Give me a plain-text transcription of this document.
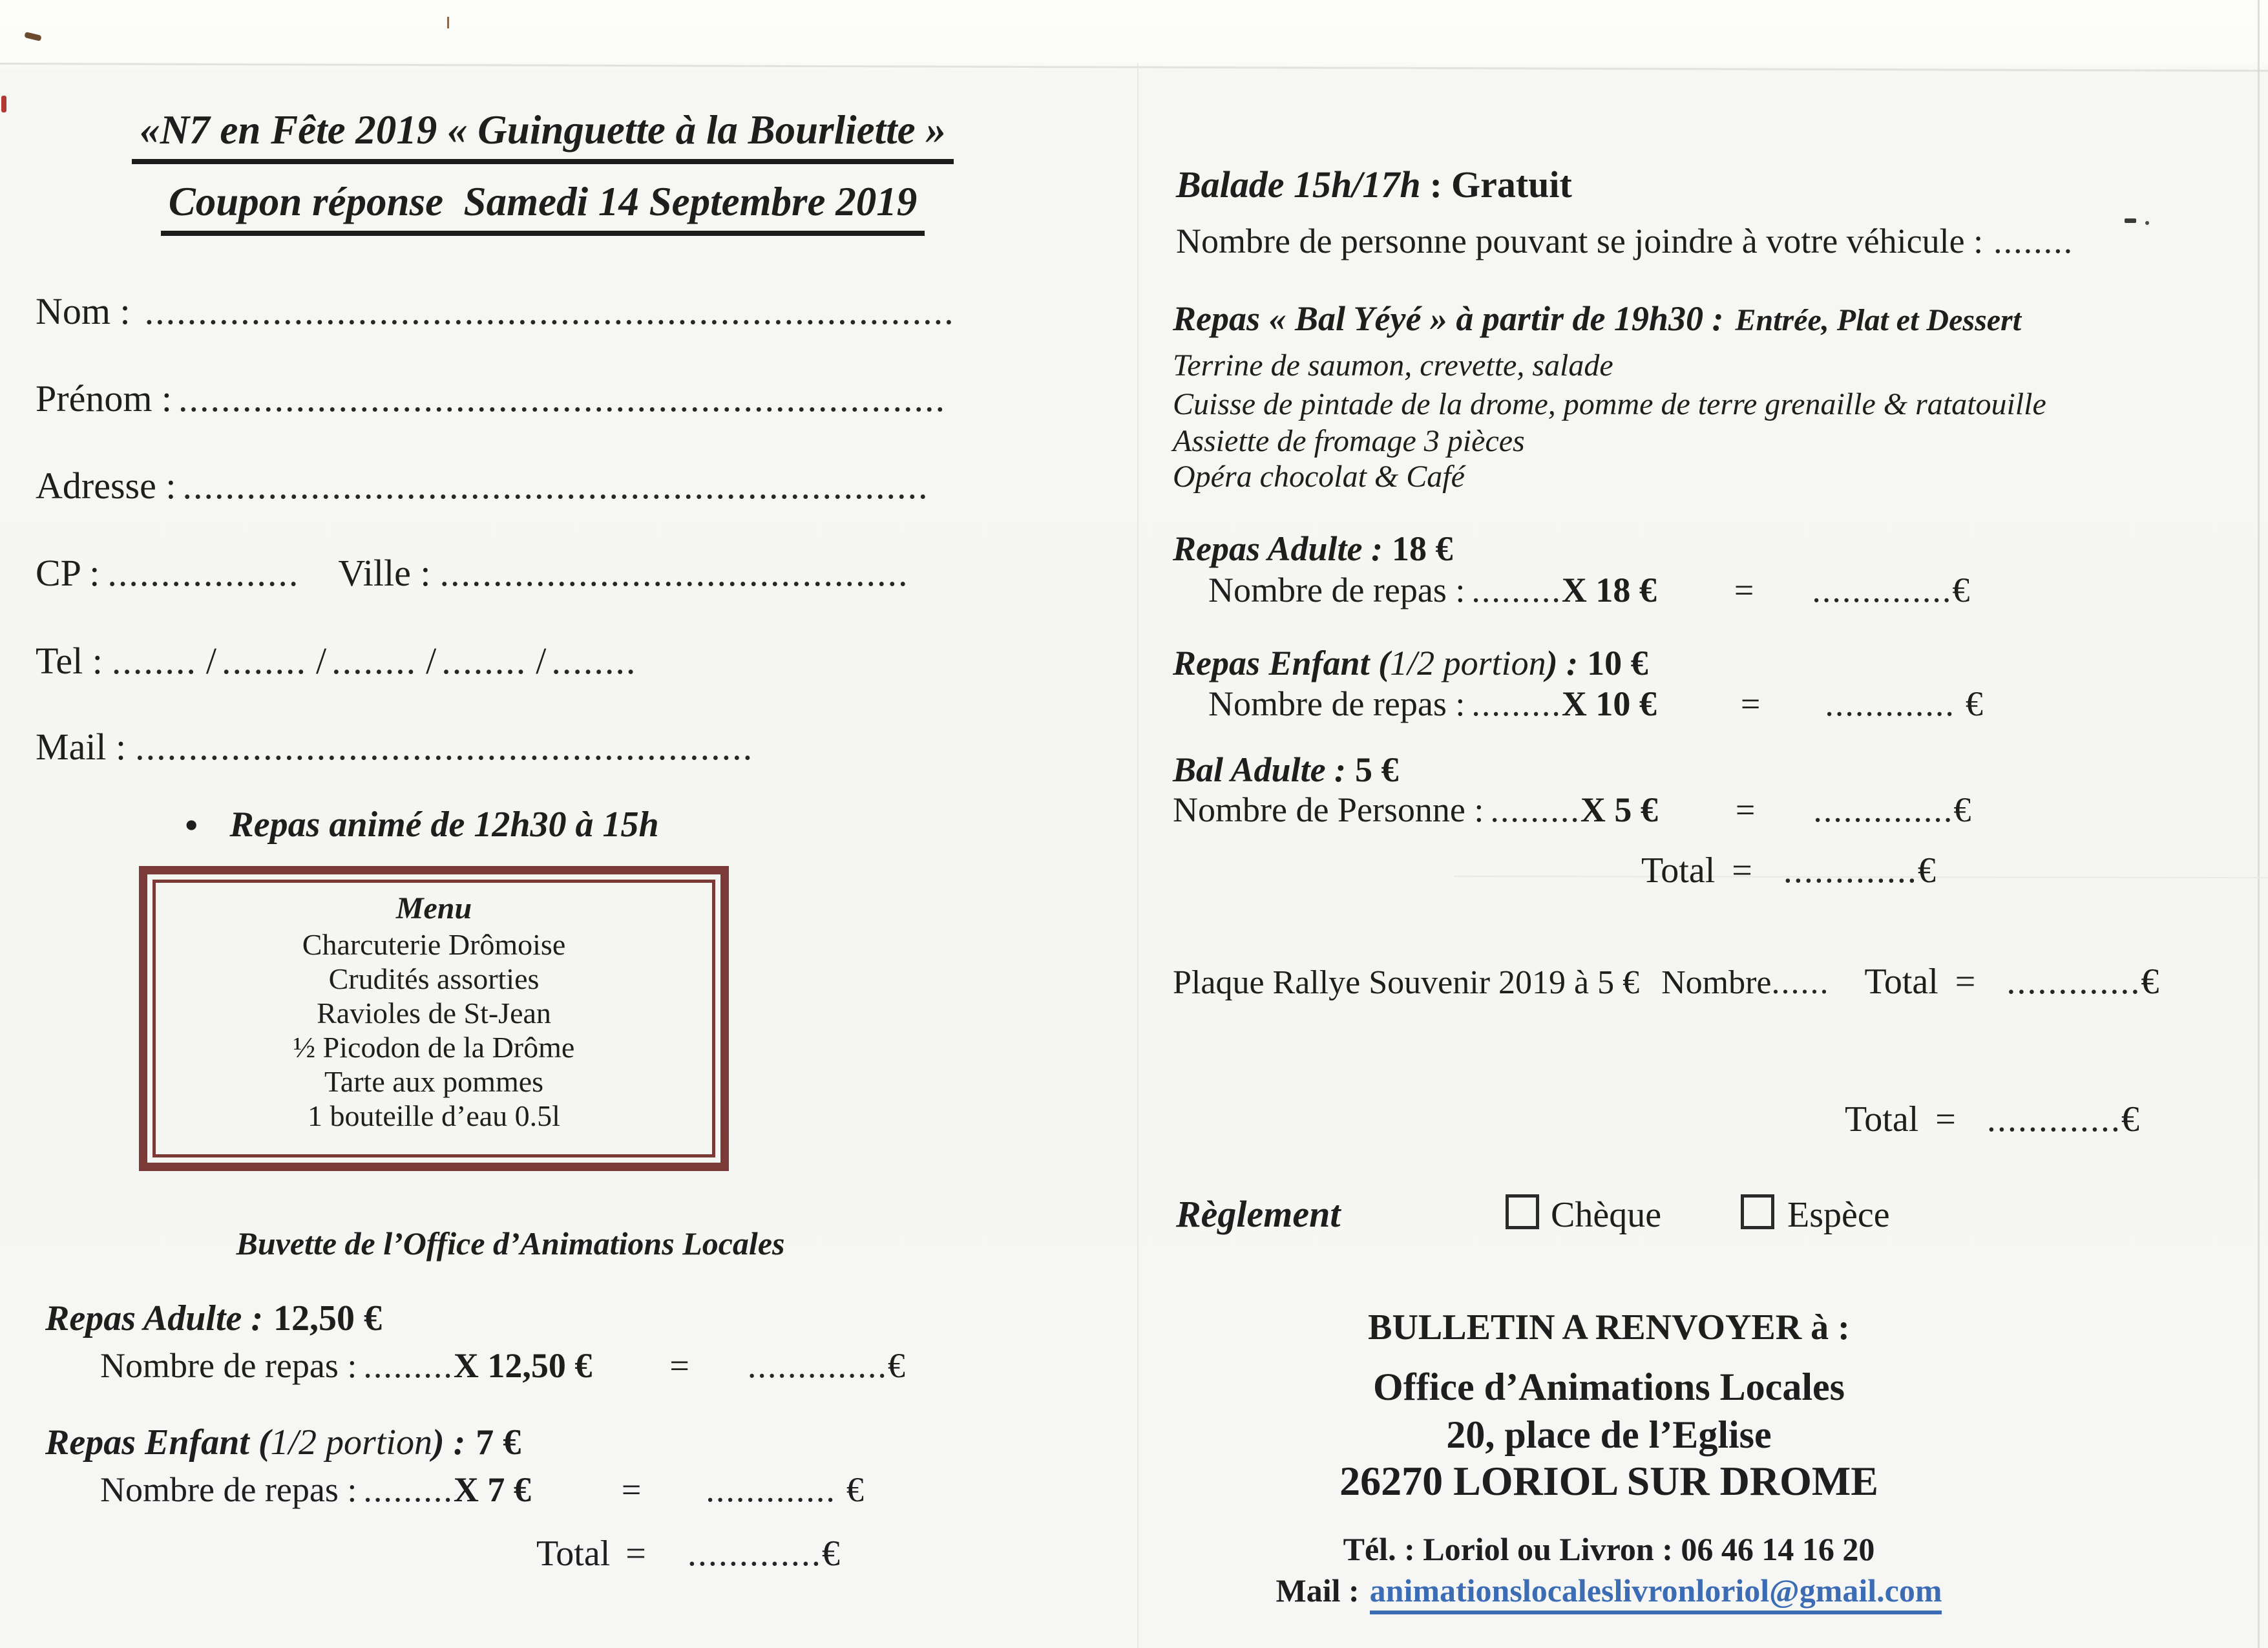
«N7 en Fête 2019 « Guinguette à la Bourliette »
Coupon réponse  Samedi 14 Septembre 2019
Nom : ............................................................................
Prénom : ........................................................................
Adresse : ......................................................................
CP : .................. Ville : ............................................
Tel : ........ / ........ / ........ / ........ / ........
Mail : ..........................................................
• Repas animé de 12h30 à 15h
Menu
Charcuterie Drômoise
Crudités assorties
Ravioles de St-Jean
½ Picodon de la Drôme
Tarte aux pommes
1 bouteille d’eau 0.5l
Buvette de l’Office d’Animations Locales
Repas Adulte : 12,50 €
Nombre de repas : .........X 12,50 € = ..............€
Repas Enfant (1/2 portion) : 7 €
Nombre de repas : .........X 7 €	= ............. €
Total = .............€
Balade 15h/17h : Gratuit
Nombre de personne pouvant se joindre à votre véhicule : ........
Repas « Bal Yéyé » à partir de 19h30 : Entrée, Plat et Dessert
Terrine de saumon, crevette, salade
Cuisse de pintade de la drome, pomme de terre grenaille & ratatouille
Assiette de fromage 3 pièces
Opéra chocolat & Café
Repas Adulte : 18 €
Nombre de repas : .........X 18 € = ..............€
Repas Enfant (1/2 portion) : 10 €
Nombre de repas : .........X 10 € = ............. €
Bal Adulte : 5 €
Nombre de Personne : .........X 5 € = ..............€
Total = .............€
Plaque Rallye Souvenir 2019 à 5 € Nombre...... Total = .............€
Total = .............€
Règlement	Chèque	Espèce
BULLETIN A RENVOYER à :
Office d’Animations Locales
20, place de l’Eglise
26270 LORIOL SUR DROME
Tél. : Loriol ou Livron : 06 46 14 16 20
Mail : animationslocaleslivronloriol@gmail.com
